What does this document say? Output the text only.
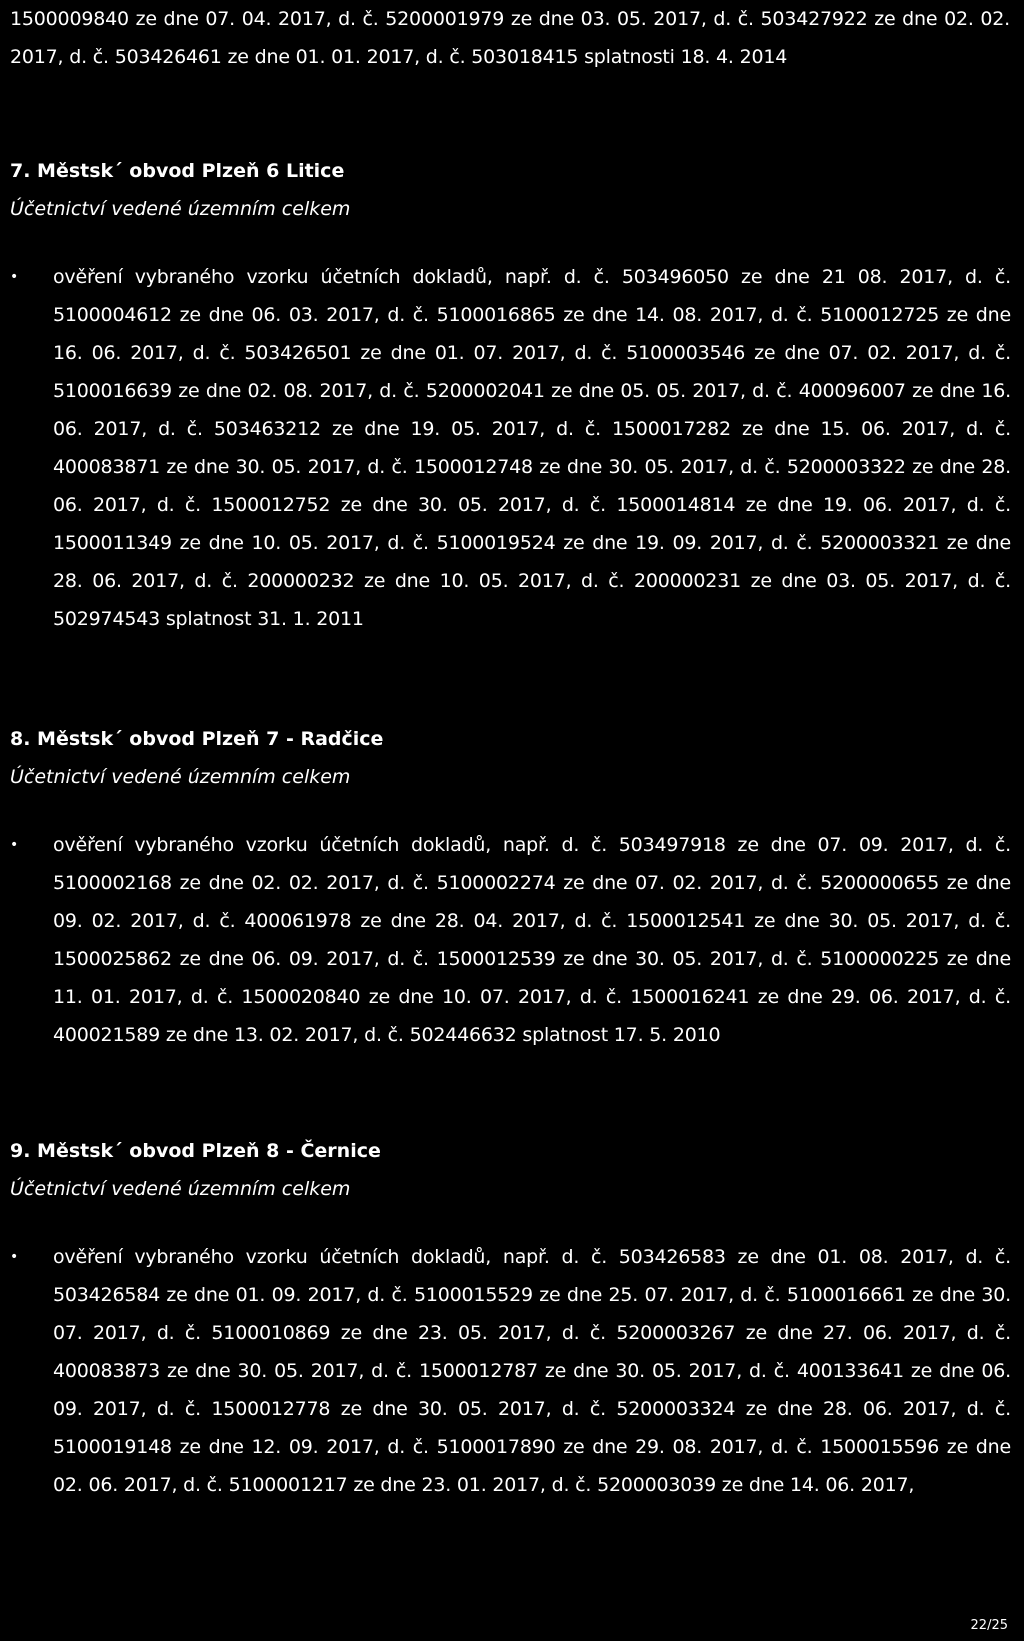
1500009840 ze dne 07. 04. 2017, d. č. 5200001979 ze dne 03. 05. 2017, d. č. 503427922 ze dne 02. 02. 2017, d. č. 503426461 ze dne 01. 01. 2017, d. č. 503018415 splatnosti 18. 4. 2014
7. Městsk´ obvod Plzeň 6 Litice
Účetnictví vedené územním celkem
• ověření vybraného vzorku účetních dokladů, např. d. č. 503496050 ze dne 21 08. 2017, d. č. 5100004612 ze dne 06. 03. 2017, d. č. 5100016865 ze dne 14. 08. 2017, d. č. 5100012725 ze dne 16. 06. 2017, d. č. 503426501 ze dne 01. 07. 2017, d. č. 5100003546 ze dne 07. 02. 2017, d. č. 5100016639 ze dne 02. 08. 2017, d. č. 5200002041 ze dne 05. 05. 2017, d. č. 400096007 ze dne 16. 06. 2017, d. č. 503463212 ze dne 19. 05. 2017, d. č. 1500017282 ze dne 15. 06. 2017, d. č. 400083871 ze dne 30. 05. 2017, d. č. 1500012748 ze dne 30. 05. 2017, d. č. 5200003322 ze dne 28. 06. 2017, d. č. 1500012752 ze dne 30. 05. 2017, d. č. 1500014814 ze dne 19. 06. 2017, d. č. 1500011349 ze dne 10. 05. 2017, d. č. 5100019524 ze dne 19. 09. 2017, d. č. 5200003321 ze dne 28. 06. 2017, d. č. 200000232 ze dne 10. 05. 2017, d. č. 200000231 ze dne 03. 05. 2017, d. č. 502974543 splatnost 31. 1. 2011
8. Městsk´ obvod Plzeň 7 - Radčice
Účetnictví vedené územním celkem
• ověření vybraného vzorku účetních dokladů, např. d. č. 503497918 ze dne 07. 09. 2017, d. č. 5100002168 ze dne 02. 02. 2017, d. č. 5100002274 ze dne 07. 02. 2017, d. č. 5200000655 ze dne 09. 02. 2017, d. č. 400061978 ze dne 28. 04. 2017, d. č. 1500012541 ze dne 30. 05. 2017, d. č. 1500025862 ze dne 06. 09. 2017, d. č. 1500012539 ze dne 30. 05. 2017, d. č. 5100000225 ze dne 11. 01. 2017, d. č. 1500020840 ze dne 10. 07. 2017, d. č. 1500016241 ze dne 29. 06. 2017, d. č. 400021589 ze dne 13. 02. 2017, d. č. 502446632 splatnost 17. 5. 2010
9. Městsk´ obvod Plzeň 8 - Černice
Účetnictví vedené územním celkem
• ověření vybraného vzorku účetních dokladů, např. d. č. 503426583 ze dne 01. 08. 2017, d. č. 503426584 ze dne 01. 09. 2017, d. č. 5100015529 ze dne 25. 07. 2017, d. č. 5100016661 ze dne 30. 07. 2017, d. č. 5100010869 ze dne 23. 05. 2017, d. č. 5200003267 ze dne 27. 06. 2017, d. č. 400083873 ze dne 30. 05. 2017, d. č. 1500012787 ze dne 30. 05. 2017, d. č. 400133641 ze dne 06. 09. 2017, d. č. 1500012778 ze dne 30. 05. 2017, d. č. 5200003324 ze dne 28. 06. 2017, d. č. 5100019148 ze dne 12. 09. 2017, d. č. 5100017890 ze dne 29. 08. 2017, d. č. 1500015596 ze dne 02. 06. 2017, d. č. 5100001217 ze dne 23. 01. 2017, d. č. 5200003039 ze dne 14. 06. 2017,
22/25
